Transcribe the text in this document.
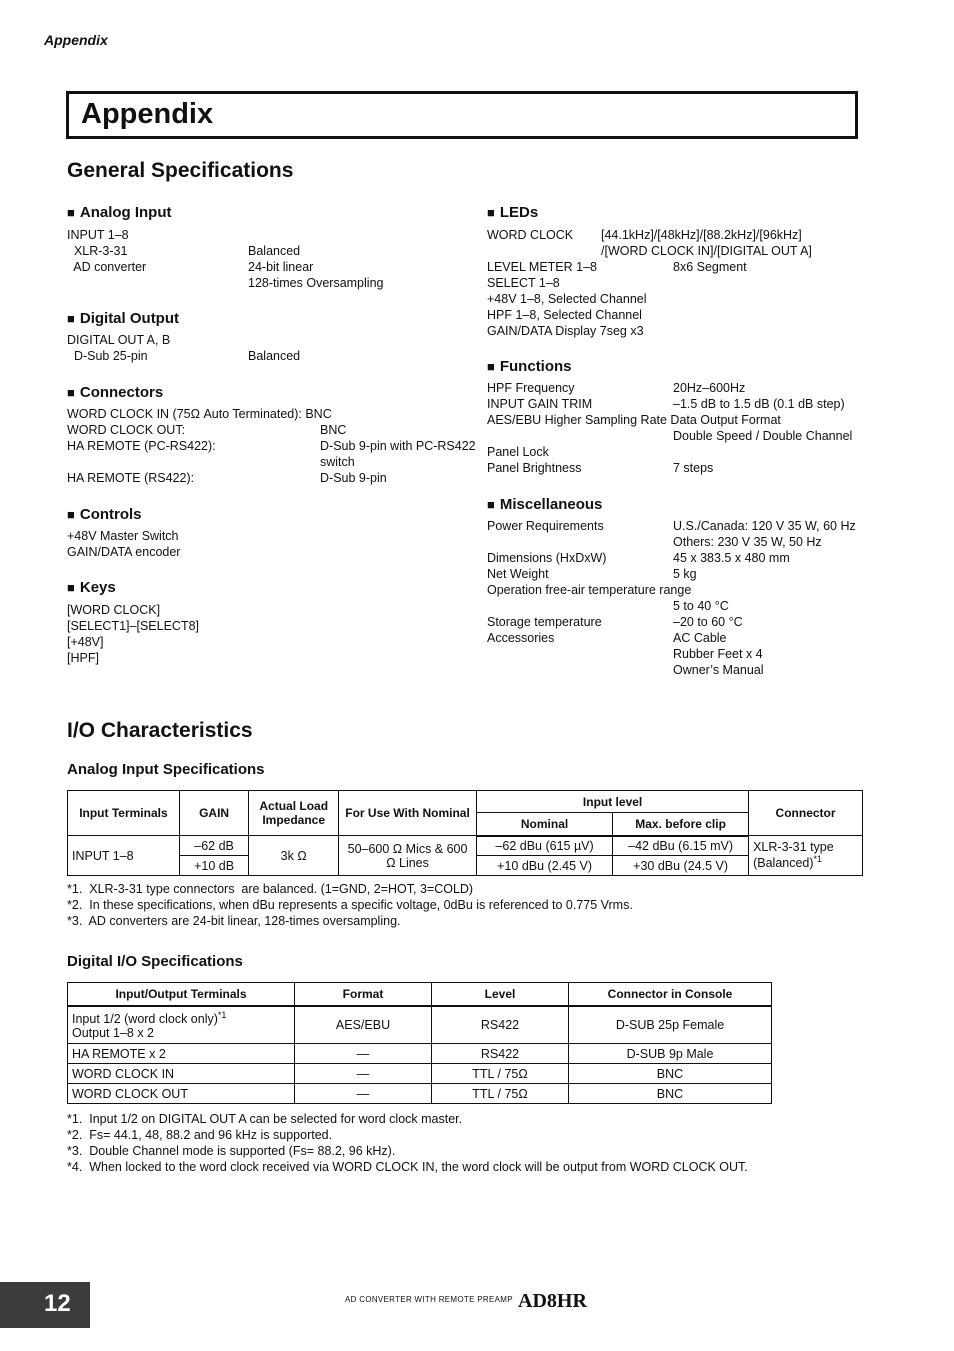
Appendix
Appendix
General Specifications
■ Analog Input
INPUT 1–8
XLR-3-31	Balanced
AD converter	24-bit linear
128-times Oversampling
■ Digital Output
DIGITAL OUT A, B
D-Sub 25-pin	Balanced
■ Connectors
WORD CLOCK IN (75Ω Auto Terminated): BNC
WORD CLOCK OUT:	BNC
HA REMOTE (PC-RS422):	D-Sub 9-pin with PC-RS422
switch
HA REMOTE (RS422):	D-Sub 9-pin
■ Controls
+48V Master Switch
GAIN/DATA encoder
■ Keys
[WORD CLOCK]
[SELECT1]–[SELECT8]
[+48V]
[HPF]
■ LEDs
WORD CLOCK [44.1kHz]/[48kHz]/[88.2kHz]/[96kHz]
/[WORD CLOCK IN]/[DIGITAL OUT A]
LEVEL METER 1–8	8x6 Segment
SELECT 1–8
+48V 1–8, Selected Channel
HPF 1–8, Selected Channel
GAIN/DATA Display 7seg x3
■ Functions
HPF Frequency	20Hz–600Hz
INPUT GAIN TRIM	–1.5 dB to 1.5 dB (0.1 dB step)
AES/EBU Higher Sampling Rate Data Output Format
Double Speed / Double Channel
Panel Lock
Panel Brightness	7 steps
■ Miscellaneous
Power Requirements	U.S./Canada: 120 V 35 W, 60 Hz
Others: 230 V 35 W, 50 Hz
Dimensions (HxDxW)	45 x 383.5 x 480 mm
Net Weight	5 kg
Operation free-air temperature range
5 to 40 °C
Storage temperature	–20 to 60 °C
Accessories	AC Cable
Rubber Feet x 4
Owner’s Manual
I/O Characteristics
Analog Input Specifications
Input Terminals	GAIN	Actual Load Impedance	For Use With Nominal	Input level		Connector
				Nominal	Max. before clip	
INPUT 1–8	–62 dB	3k Ω	50–600 Ω Mics & 600 Ω Lines	–62 dBu (615 µV)	–42 dBu (6.15 mV)	XLR-3-31 type
(Balanced)$^{*1}$

	+10 dB			+10 dBu (2.45 V)	+30 dBu (24.5 V)	
*1.  XLR-3-31 type connectors  are balanced. (1=GND, 2=HOT, 3=COLD)
*2.  In these specifications, when dBu represents a specific voltage, 0dBu is referenced to 0.775 Vrms.
*3.  AD converters are 24-bit linear, 128-times oversampling.
Digital I/O Specifications
Input/Output Terminals	Format	Level	Connector in Console

Input 1/2 (word clock only)$^{*1}$
Output 1–8 x 2	AES/EBU	RS422	D-SUB 25p Female
HA REMOTE x 2	—	RS422	D-SUB 9p Male
WORD CLOCK IN	—	TTL / 75Ω	BNC
WORD CLOCK OUT	—	TTL / 75Ω	BNC
*1.  Input 1/2 on DIGITAL OUT A can be selected for word clock master.
*2.  Fs= 44.1, 48, 88.2 and 96 kHz is supported.
*3.  Double Channel mode is supported (Fs= 88.2, 96 kHz).
*4.  When locked to the word clock received via WORD CLOCK IN, the word clock will be output from WORD CLOCK OUT.
12	AD CONVERTER WITH REMOTE PREAMP AD8HR
